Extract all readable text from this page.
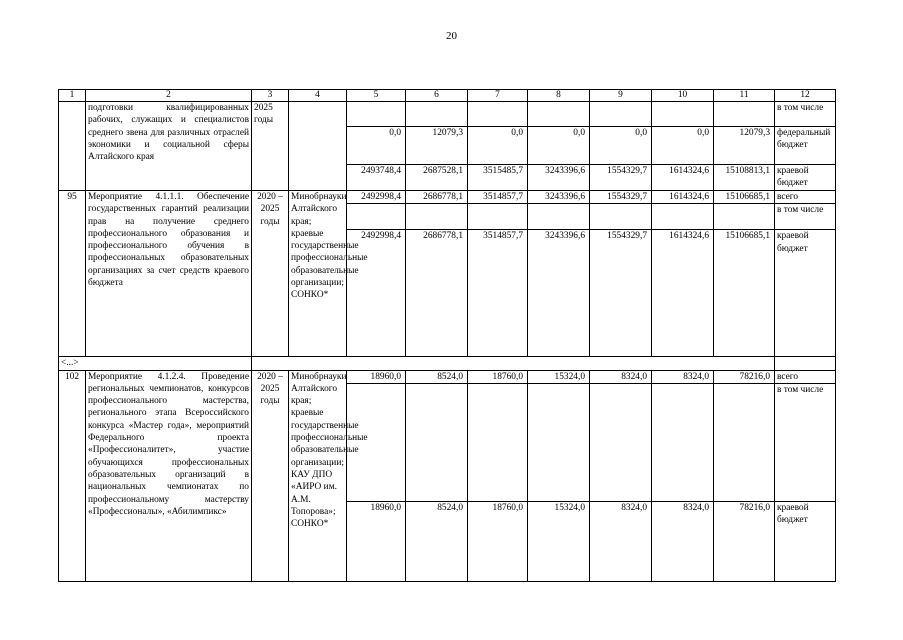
20
1	2	3	4	5	6	7	8	9	10	11	12
	подготовки квалифицированных рабочих, служащих и специалистов среднего звена для различных отраслей экономики и социальной сферы Алтайского края	2025 годы									в том числе
				0,0	12079,3	0,0	0,0	0,0	0,0	12079,3	федеральный бюджет
				2493748,4	2687528,1	3515485,7	3243396,6	1554329,7	1614324,6	15108813,1	краевой бюджет
95	Мероприятие 4.1.1.1. Обеспечение государственных гарантий реализации прав на получение среднего профессионального образования и профессионального обучения в профессиональных образовательных организациях за счет средств краевого бюджета	2020 – 2025 годы	Минобрнауки Алтайского края; краевые государственные профессиональные образовательные организации; СОНКО*	2492998,4	2686778,1	3514857,7	3243396,6	1554329,7	1614324,6	15106685,1	всего
											в том числе
				2492998,4	2686778,1	3514857,7	3243396,6	1554329,7	1614324,6	15106685,1	краевой бюджет
<...>											
102	Мероприятие 4.1.2.4. Проведение региональных чемпионатов, конкурсов профессионального мастерства, регионального этапа Всероссийского конкурса «Мастер года», мероприятий Федерального проекта «Профессионалитет», участие обучающихся профессиональных образовательных организаций в национальных чемпионатах по профессиональному мастерству «Профессионалы», «Абилимпикс»	2020 – 2025 годы	Минобрнауки Алтайского края; краевые государственные профессиональные образовательные организации; КАУ ДПО «АИРО им. А.М. Топорова»; СОНКО*	18960,0	8524,0	18760,0	15324,0	8324,0	8324,0	78216,0	всего
											в том числе
				18960,0	8524,0	18760,0	15324,0	8324,0	8324,0	78216,0	краевой бюджет
